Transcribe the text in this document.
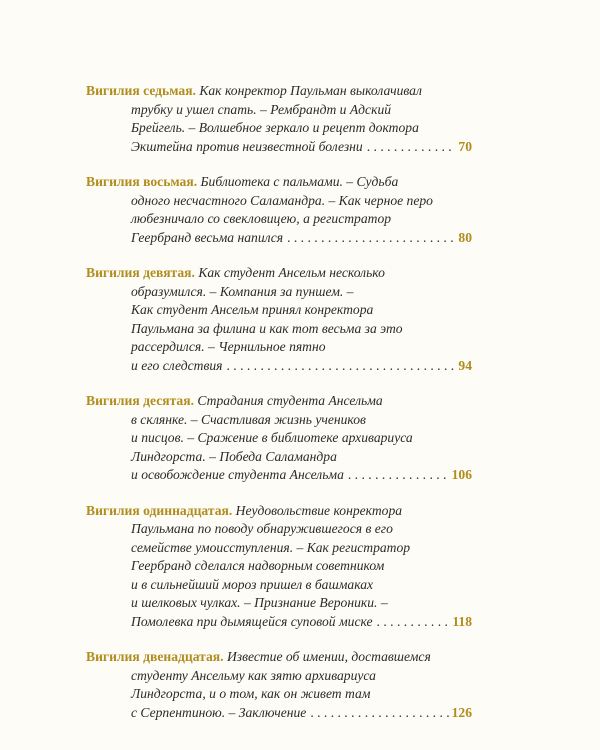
Вигилия седьмая. Как конректор Паульман выколачивал
трубку и ушел спать. – Рембрандт и Адский
Брейгель. – Волшебное зеркало и рецепт доктора
Экштейна против неизвестной болезни . . .	70
Вигилия восьмая. Библиотека с пальмами. – Судьба
одного несчастного Саламандра. – Как черное перо
любезничало со свекловицею, а регистратор
Геербранд весьма напился . . .	80
Вигилия девятая. Как студент Ансельм несколько
образумился. – Компания за пуншем. –
Как студент Ансельм принял конректора
Паульмана за филина и как тот весьма за это
рассердился. – Чернильное пятно
и его следствия . . .	94
Вигилия десятая. Страдания студента Ансельма
в склянке. – Счастливая жизнь учеников
и писцов. – Сражение в библиотеке архивариуса
Линдгорста. – Победа Саламандра
и освобождение студента Ансельма . . .	106
Вигилия одиннадцатая. Неудовольствие конректора
Паульмана по поводу обнаружившегося в его
семействе умоисступления. – Как регистратор
Геербранд сделался надворным советником
и в сильнейший мороз пришел в башмаках
и шелковых чулках. – Признание Вероники. –
Помолевка при дымящейся суповой миске . . .	118
Вигилия двенадцатая. Известие об имении, доставшемся
студенту Ансельму как зятю архивариуса
Линдгорста, и о том, как он живет там
с Серпентиною. – Заключение . . .	126
